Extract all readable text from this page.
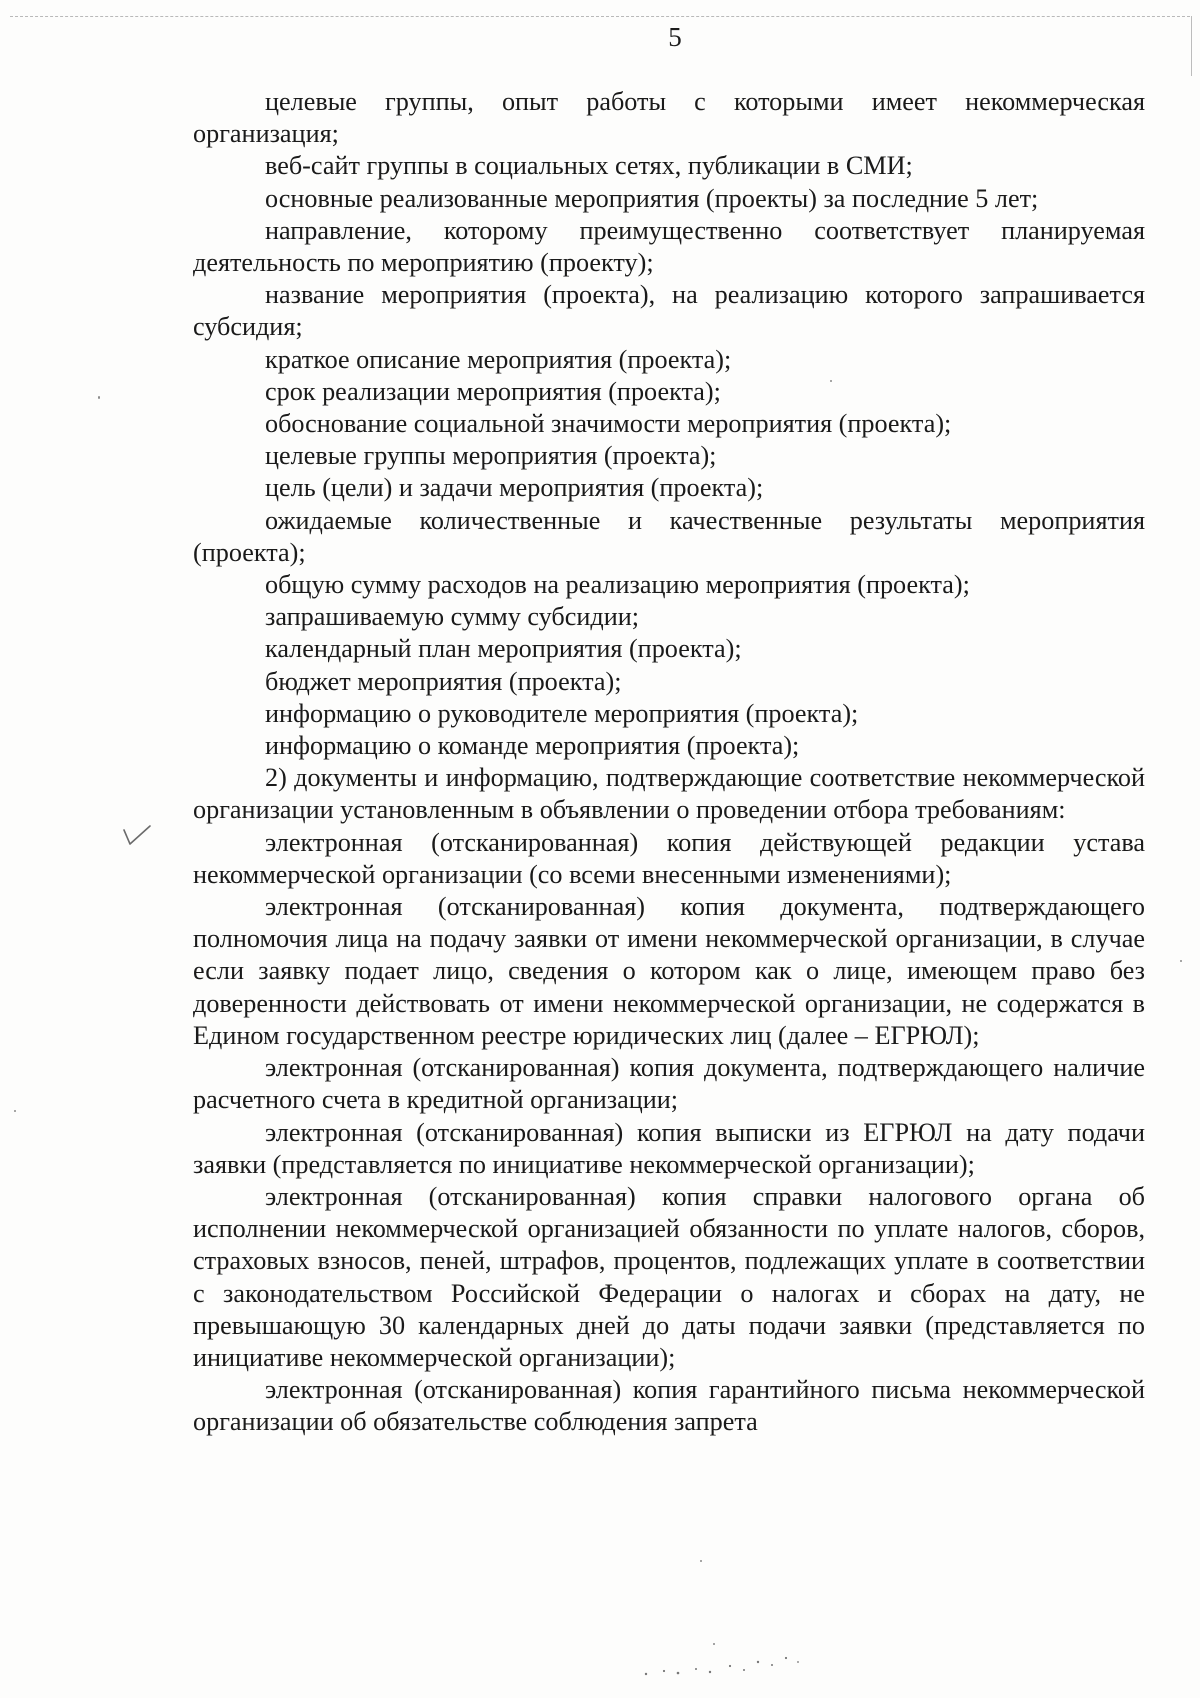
5

целевые группы, опыт работы с которыми имеет некоммерческая организация;

веб-сайт группы в социальных сетях, публикации в СМИ;

основные реализованные мероприятия (проекты) за последние 5 лет;

направление, которому преимущественно соответствует планируемая деятельность по мероприятию (проекту);

название мероприятия (проекта), на реализацию которого запрашивается субсидия;

краткое описание мероприятия (проекта);

срок реализации мероприятия (проекта);

обоснование социальной значимости мероприятия (проекта);

целевые группы мероприятия (проекта);

цель (цели) и задачи мероприятия (проекта);

ожидаемые количественные и качественные результаты мероприятия (проекта);

общую сумму расходов на реализацию мероприятия (проекта);

запрашиваемую сумму субсидии;

календарный план мероприятия (проекта);

бюджет мероприятия (проекта);

информацию о руководителе мероприятия (проекта);

информацию о команде мероприятия (проекта);

2) документы и информацию, подтверждающие соответствие некоммерческой организации установленным в объявлении о проведении отбора требованиям:

электронная (отсканированная) копия действующей редакции устава некоммерческой организации (со всеми внесенными изменениями);

электронная (отсканированная) копия документа, подтверждающего полномочия лица на подачу заявки от имени некоммерческой организации, в случае если заявку подает лицо, сведения о котором как о лице, имеющем право без доверенности действовать от имени некоммерческой организации, не содержатся в Едином государственном реестре юридических лиц (далее – ЕГРЮЛ);

электронная (отсканированная) копия документа, подтверждающего наличие расчетного счета в кредитной организации;

электронная (отсканированная) копия выписки из ЕГРЮЛ на дату подачи заявки (представляется по инициативе некоммерческой организации);

электронная (отсканированная) копия справки налогового органа об исполнении некоммерческой организацией обязанности по уплате налогов, сборов, страховых взносов, пеней, штрафов, процентов, подлежащих уплате в соответствии с законодательством Российской Федерации о налогах и сборах на дату, не превышающую 30 календарных дней до даты подачи заявки (представляется по инициативе некоммерческой организации);

электронная (отсканированная) копия гарантийного письма некоммерческой организации об обязательстве соблюдения запрета
